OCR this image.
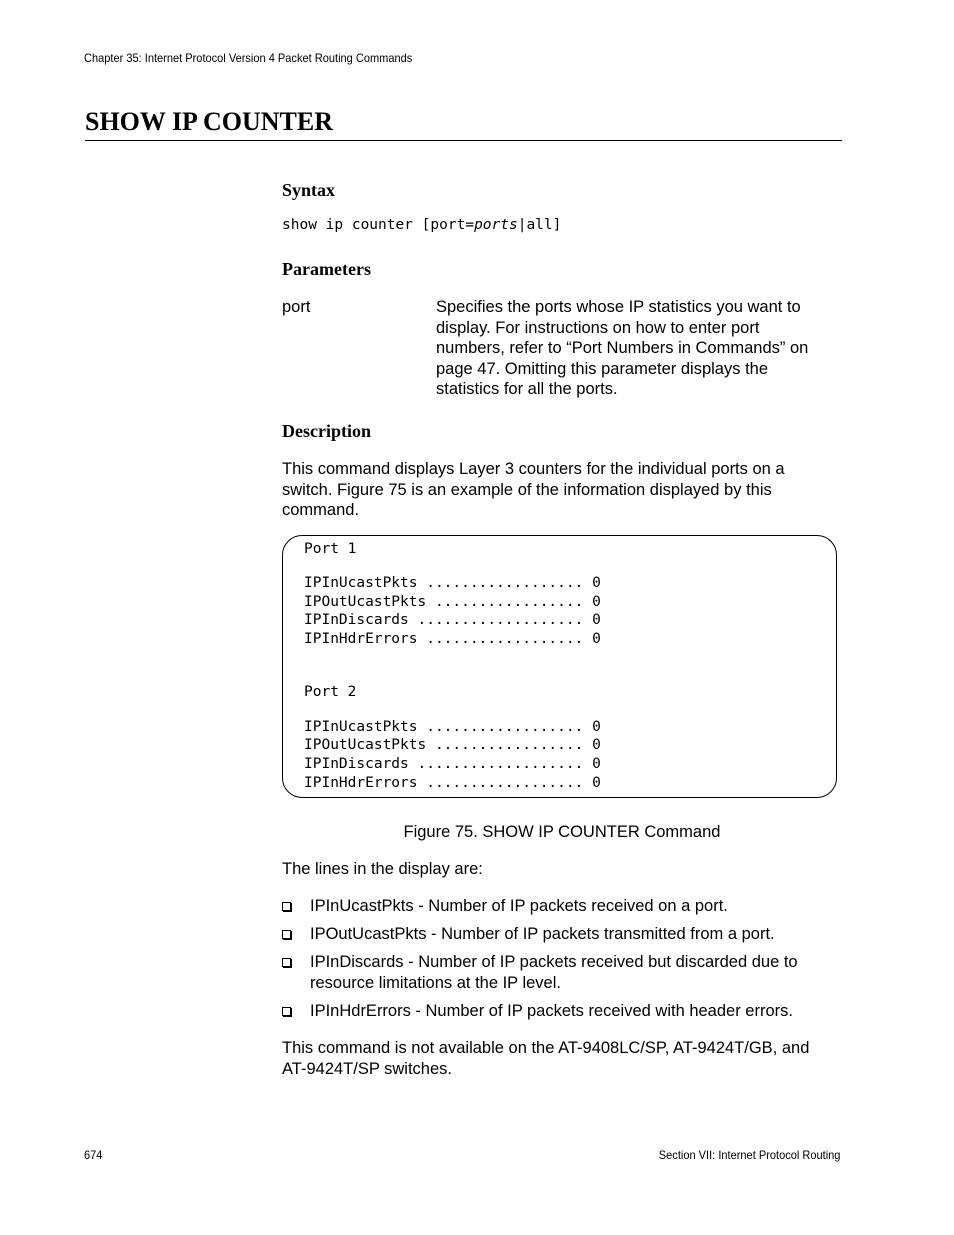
Chapter 35: Internet Protocol Version 4 Packet Routing Commands
SHOW IP COUNTER
Syntax
show ip counter [port=ports|all]
Parameters
port	Specifies the ports whose IP statistics you want to
display. For instructions on how to enter port
numbers, refer to “Port Numbers in Commands” on
page 47. Omitting this parameter displays the
statistics for all the ports.
Description
This command displays Layer 3 counters for the individual ports on a
switch. Figure 75 is an example of the information displayed by this
command.
Port 1
IPInUcastPkts .................. 0
IPOutUcastPkts ................. 0
IPInDiscards ................... 0
IPInHdrErrors .................. 0
Port 2
IPInUcastPkts .................. 0
IPOutUcastPkts ................. 0
IPInDiscards ................... 0
IPInHdrErrors .................. 0
Figure 75. SHOW IP COUNTER Command
The lines in the display are:
IPInUcastPkts - Number of IP packets received on a port.
IPOutUcastPkts - Number of IP packets transmitted from a port.
IPInDiscards - Number of IP packets received but discarded due to
resource limitations at the IP level.
IPInHdrErrors - Number of IP packets received with header errors.
This command is not available on the AT-9408LC/SP, AT-9424T/GB, and
AT-9424T/SP switches.
674	Section VII: Internet Protocol Routing
